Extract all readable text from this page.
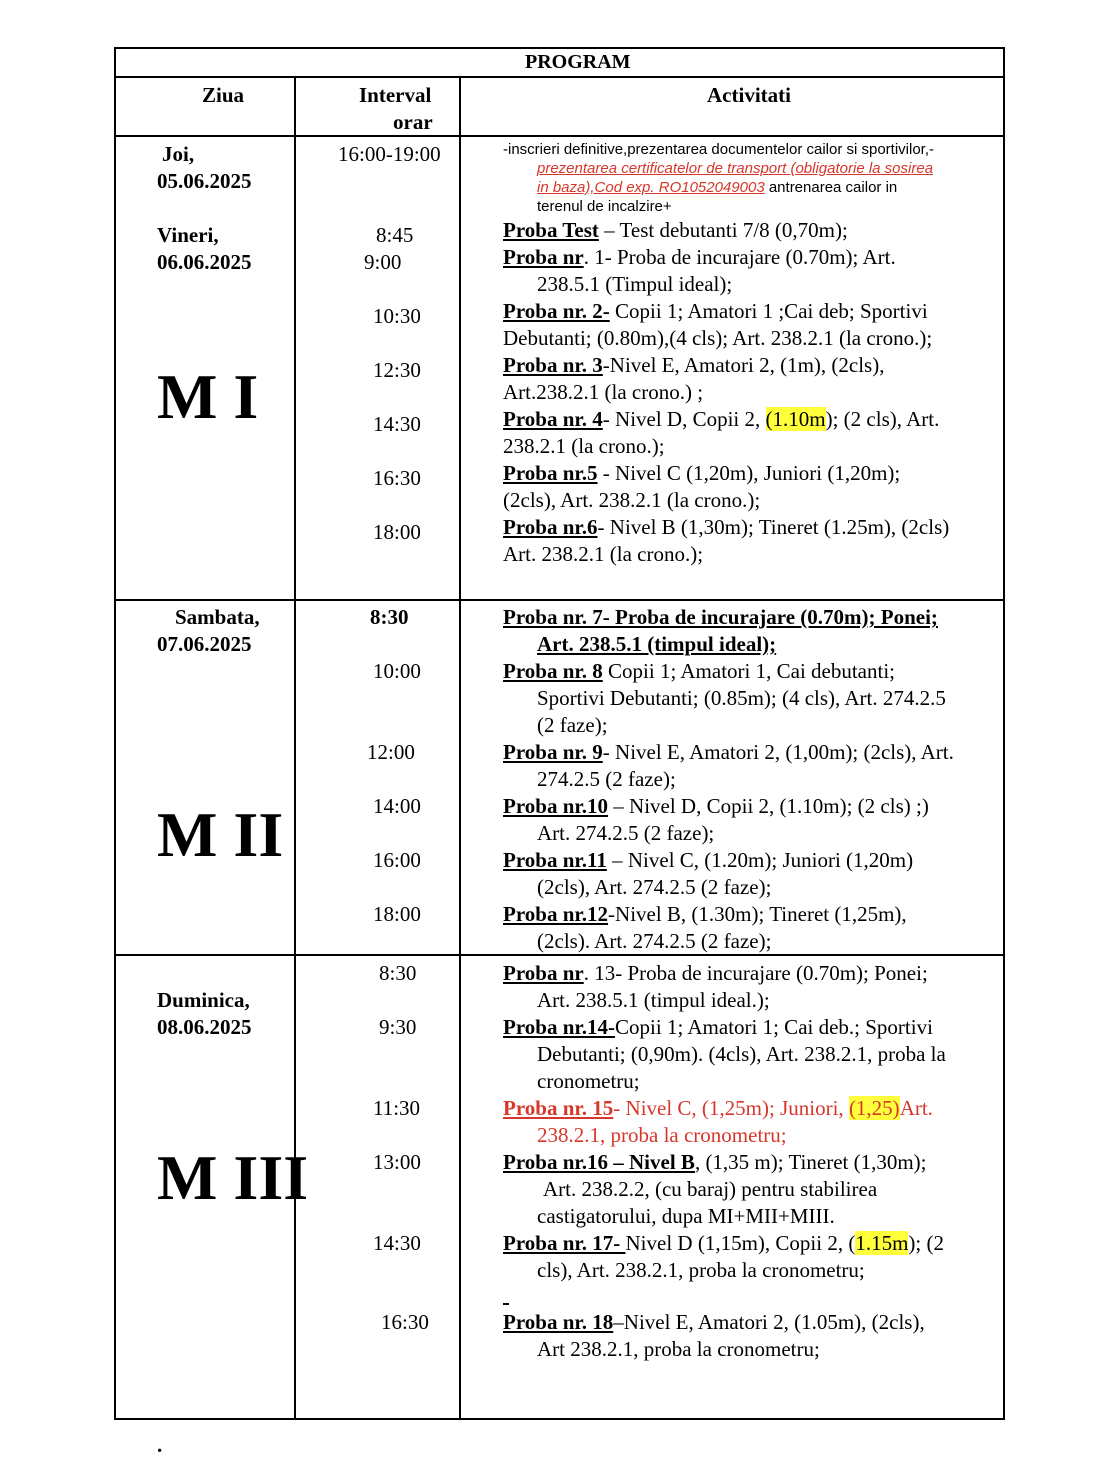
PROGRAM
Ziua	Interval
orar
Activitati
Joi,
05.06.2025
Vineri,
06.06.2025
M I
Sambata,
07.06.2025
M II
Duminica,
08.06.2025
M III
16:00-19:00
8:45
9:00
10:30
12:30
14:30
16:30
18:00
8:30
10:00
12:00
14:00
16:00
18:00
8:30
9:30
11:30
13:00
14:30
16:30
-inscrieri definitive,prezentarea documentelor cailor si sportivilor,-
prezentarea certificatelor de transport (obligatorie la sosirea
in baza),Cod exp. RO1052049003 antrenarea cailor in
terenul de incalzire+
Proba Test – Test debutanti 7/8 (0,70m);
Proba nr. 1- Proba de incurajare (0.70m); Art.
238.5.1 (Timpul ideal);
Proba nr. 2- Copii 1; Amatori 1 ;Cai deb; Sportivi
Debutanti; (0.80m),(4 cls); Art. 238.2.1 (la crono.);
Proba nr. 3-Nivel E, Amatori 2, (1m), (2cls),
Art.238.2.1 (la crono.) ;
Proba nr. 4- Nivel D, Copii 2, (1.10m); (2 cls), Art.
238.2.1 (la crono.);
Proba nr.5 - Nivel C (1,20m), Juniori (1,20m);
(2cls), Art. 238.2.1 (la crono.);
Proba nr.6- Nivel B (1,30m); Tineret (1.25m), (2cls)
Art. 238.2.1 (la crono.);
Proba nr. 7- Proba de incurajare (0.70m); Ponei;
Art. 238.5.1 (timpul ideal);
Proba nr. 8 Copii 1; Amatori 1, Cai debutanti;
Sportivi Debutanti; (0.85m); (4 cls), Art. 274.2.5
(2 faze);
Proba nr. 9- Nivel E, Amatori 2, (1,00m); (2cls), Art.
274.2.5 (2 faze);
Proba nr.10 – Nivel D, Copii 2, (1.10m); (2 cls) ;)
Art. 274.2.5 (2 faze);
Proba nr.11 – Nivel C, (1.20m); Juniori (1,20m)
(2cls), Art. 274.2.5 (2 faze);
Proba nr.12-Nivel B, (1.30m); Tineret (1,25m),
(2cls). Art. 274.2.5 (2 faze);
Proba nr. 13- Proba de incurajare (0.70m); Ponei;
Art. 238.5.1 (timpul ideal.);
Proba nr.14-Copii 1; Amatori 1; Cai deb.; Sportivi
Debutanti; (0,90m). (4cls), Art. 238.2.1, proba la
cronometru;
Proba nr. 15- Nivel C, (1,25m); Juniori, (1,25)Art.
238.2.1, proba la cronometru;
Proba nr.16 – Nivel B, (1,35 m); Tineret (1,30m);
Art. 238.2.2, (cu baraj) pentru stabilirea
castigatorului, dupa MI+MII+MIII.
Proba nr. 17- Nivel D (1,15m), Copii 2, (1.15m); (2
cls), Art. 238.2.1, proba la cronometru;
Proba nr. 18–Nivel E, Amatori 2, (1.05m), (2cls),
Art 238.2.1, proba la cronometru;
.
